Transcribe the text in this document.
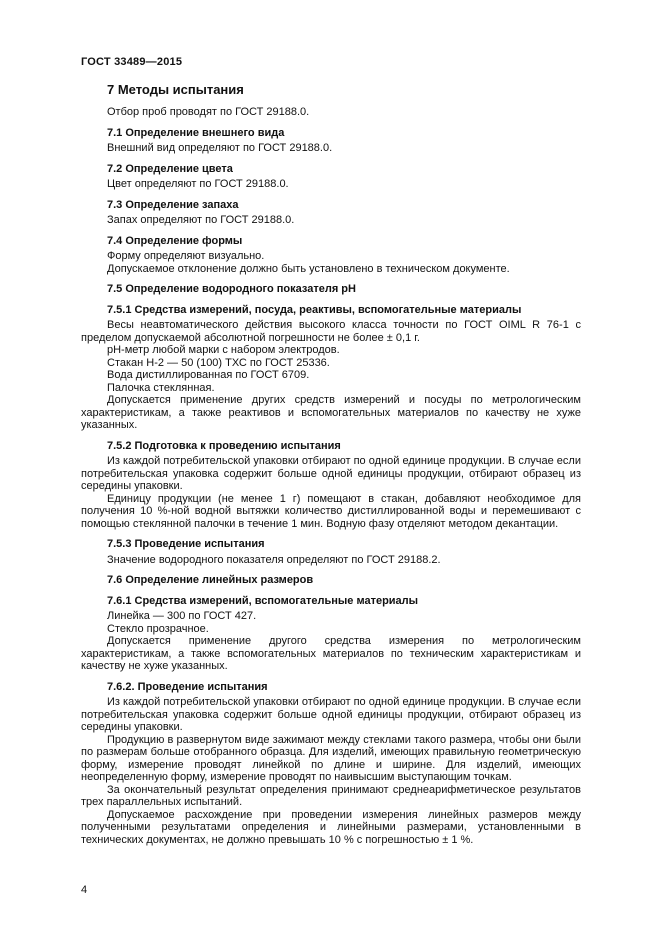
ГОСТ 33489—2015
7 Методы испытания

Отбор проб проводят по ГОСТ 29188.0.

7.1 Определение внешнего вида

Внешний вид определяют по ГОСТ 29188.0.

7.2 Определение цвета

Цвет определяют по ГОСТ 29188.0.

7.3 Определение запаха

Запах определяют по ГОСТ 29188.0.

7.4 Определение формы

Форму определяют визуально.

Допускаемое отклонение должно быть установлено в техническом документе.

7.5 Определение водородного показателя pH
7.5.1 Средства измерений, посуда, реактивы, вспомогательные материалы

Весы неавтоматического действия высокого класса точности по ГОСТ OIML R 76-1 с пределом допускаемой абсолютной погрешности не более ± 0,1 г.

pH-метр любой марки с набором электродов.

Стакан Н-2 — 50 (100) ТХС по ГОСТ 25336.

Вода дистиллированная по ГОСТ 6709.

Палочка стеклянная.

Допускается применение других средств измерений и посуды по метрологическим характеристикам, а также реактивов и вспомогательных материалов по качеству не хуже указанных.

7.5.2 Подготовка к проведению испытания

Из каждой потребительской упаковки отбирают по одной единице продукции. В случае если потребительская упаковка содержит больше одной единицы продукции, отбирают образец из середины упаковки.

Единицу продукции (не менее 1 г) помещают в стакан, добавляют необходимое для получения 10 %-ной водной вытяжки количество дистиллированной воды и перемешивают с помощью стеклянной палочки в течение 1 мин. Водную фазу отделяют методом декантации.

7.5.3 Проведение испытания

Значение водородного показателя определяют по ГОСТ 29188.2.

7.6 Определение линейных размеров
7.6.1 Средства измерений, вспомогательные материалы

Линейка — 300 по ГОСТ 427.

Стекло прозрачное.

Допускается применение другого средства измерения по метрологическим характеристикам, а также вспомогательных материалов по техническим характеристикам и качеству не хуже указанных.

7.6.2. Проведение испытания

Из каждой потребительской упаковки отбирают по одной единице продукции. В случае если потребительская упаковка содержит больше одной единицы продукции, отбирают образец из середины упаковки.

Продукцию в развернутом виде зажимают между стеклами такого размера, чтобы они были по размерам больше отобранного образца. Для изделий, имеющих правильную геометрическую форму, измерение проводят линейкой по длине и ширине. Для изделий, имеющих неопределенную форму, измерение проводят по наивысшим выступающим точкам.

За окончательный результат определения принимают среднеарифметическое результатов трех параллельных испытаний.

Допускаемое расхождение при проведении измерения линейных размеров между полученными результатами определения и линейными размерами, установленными в технических документах, не должно превышать 10 % с погрешностью ± 1 %.

4
